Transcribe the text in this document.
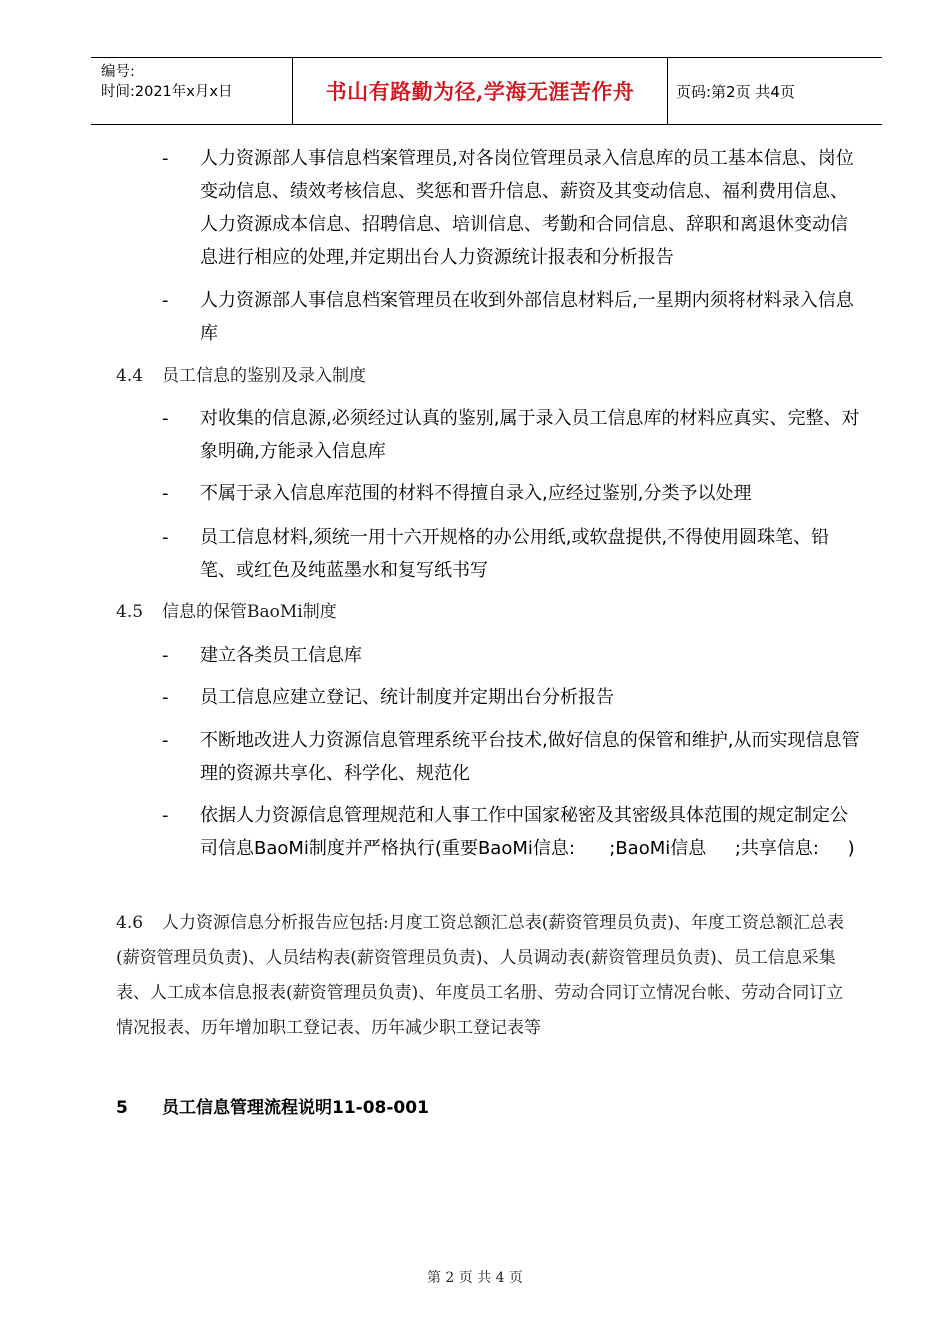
编号:
时间:2021年x月x日	书山有路勤为径,学海无涯苦作舟	页码:第2页 共4页
-	人力资源部人事信息档案管理员,对各岗位管理员录入信息库的员工基本信息、岗位变动信息、绩效考核信息、奖惩和晋升信息、薪资及其变动信息、福利费用信息、人力资源成本信息、招聘信息、培训信息、考勤和合同信息、辞职和离退休变动信息进行相应的处理,并定期出台人力资源统计报表和分析报告
-	人力资源部人事信息档案管理员在收到外部信息材料后,一星期内须将材料录入信息库
4.4 员工信息的鉴别及录入制度
-	对收集的信息源,必须经过认真的鉴别,属于录入员工信息库的材料应真实、完整、对象明确,方能录入信息库
-	不属于录入信息库范围的材料不得擅自录入,应经过鉴别,分类予以处理
-	员工信息材料,须统一用十六开规格的办公用纸,或软盘提供,不得使用圆珠笔、铅笔、或红色及纯蓝墨水和复写纸书写
4.5 信息的保管BaoMi制度
-	建立各类员工信息库
-	员工信息应建立登记、统计制度并定期出台分析报告
-	不断地改进人力资源信息管理系统平台技术,做好信息的保管和维护,从而实现信息管理的资源共享化、科学化、规范化
-	依据人力资源信息管理规范和人事工作中国家秘密及其密级具体范围的规定制定公司信息BaoMi制度并严格执行(重要BaoMi信息:      ;BaoMi信息     ;共享信息:     )
4.6 人力资源信息分析报告应包括:月度工资总额汇总表(薪资管理员负责)、年度工资总额汇总表(薪资管理员负责)、人员结构表(薪资管理员负责)、人员调动表(薪资管理员负责)、员工信息采集表、人工成本信息报表(薪资管理员负责)、年度员工名册、劳动合同订立情况台帐、劳动合同订立情况报表、历年增加职工登记表、历年减少职工登记表等
5 员工信息管理流程说明11-08-001
第 2 页 共 4 页
